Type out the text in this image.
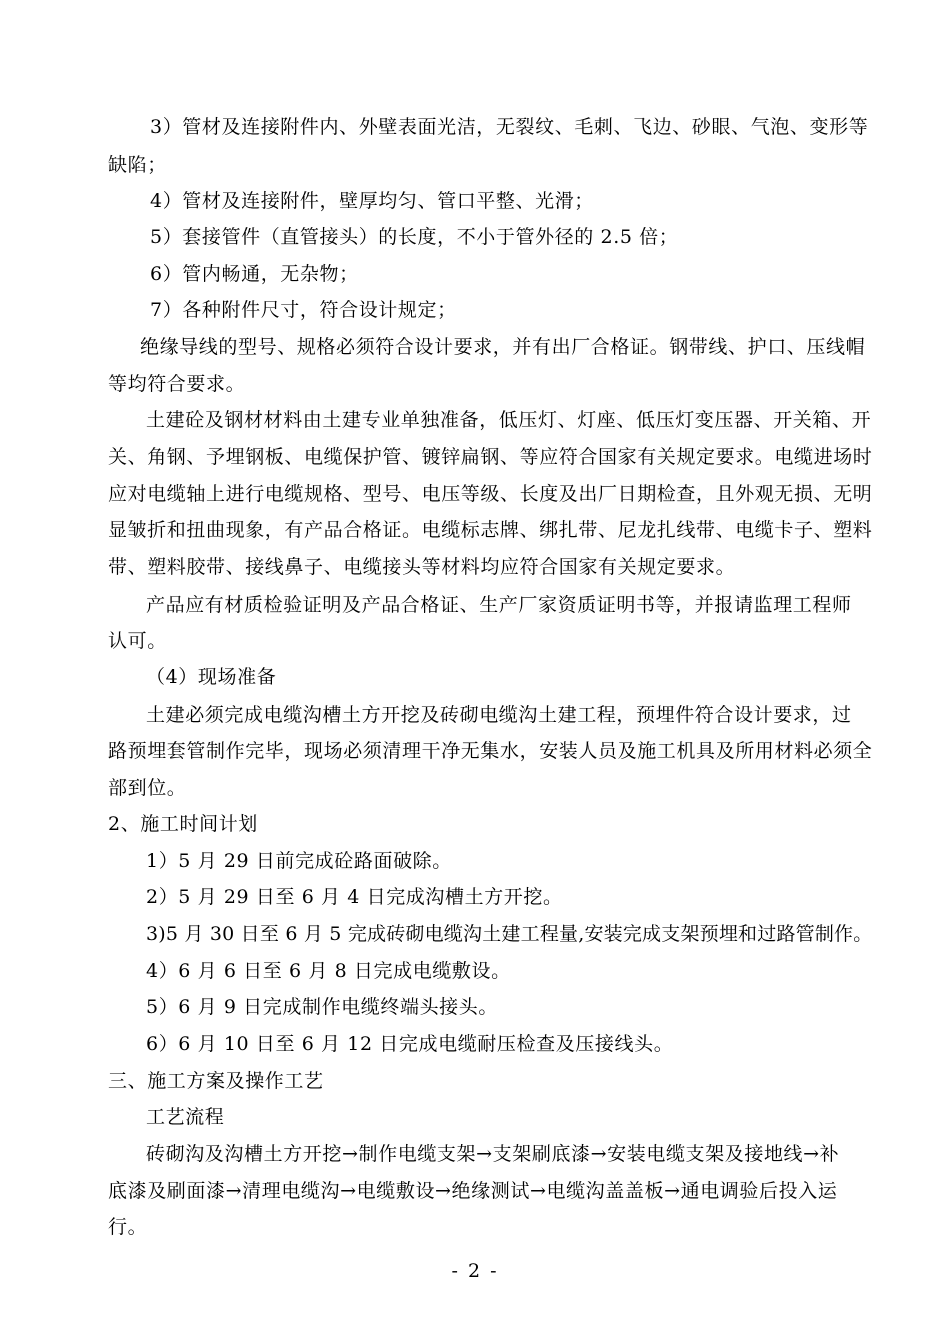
3）管材及连接附件内、外壁表面光洁，无裂纹、毛刺、飞边、砂眼、气泡、变形等
缺陷；
4）管材及连接附件，壁厚均匀、管口平整、光滑；
5）套接管件（直管接头）的长度，不小于管外径的 2.5 倍；
6）管内畅通，无杂物；
7）各种附件尺寸，符合设计规定；
绝缘导线的型号、规格必须符合设计要求，并有出厂合格证。钢带线、护口、压线帽
等均符合要求。
土建砼及钢材材料由土建专业单独准备，低压灯、灯座、低压灯变压器、开关箱、开
关、角钢、予埋钢板、电缆保护管、镀锌扁钢、等应符合国家有关规定要求。电缆进场时
应对电缆轴上进行电缆规格、型号、电压等级、长度及出厂日期检查，且外观无损、无明
显皱折和扭曲现象，有产品合格证。电缆标志牌、绑扎带、尼龙扎线带、电缆卡子、塑料
带、塑料胶带、接线鼻子、电缆接头等材料均应符合国家有关规定要求。
产品应有材质检验证明及产品合格证、生产厂家资质证明书等，并报请监理工程师
认可。
（4）现场准备
土建必须完成电缆沟槽土方开挖及砖砌电缆沟土建工程，预埋件符合设计要求，过
路预埋套管制作完毕，现场必须清理干净无集水，安装人员及施工机具及所用材料必须全
部到位。
2、施工时间计划
1）5 月 29 日前完成砼路面破除。
2）5 月 29 日至 6 月 4 日完成沟槽土方开挖。
3)5 月 30 日至 6 月 5 完成砖砌电缆沟土建工程量,安装完成支架预埋和过路管制作。
4）6 月 6 日至 6 月 8 日完成电缆敷设。
5）6 月 9 日完成制作电缆终端头接头。
6）6 月 10 日至 6 月 12 日完成电缆耐压检查及压接线头。
三、施工方案及操作工艺
工艺流程
砖砌沟及沟槽土方开挖→制作电缆支架→支架刷底漆→安装电缆支架及接地线→补
底漆及刷面漆→清理电缆沟→电缆敷设→绝缘测试→电缆沟盖盖板→通电调验后投入运
行。
- 2 -
